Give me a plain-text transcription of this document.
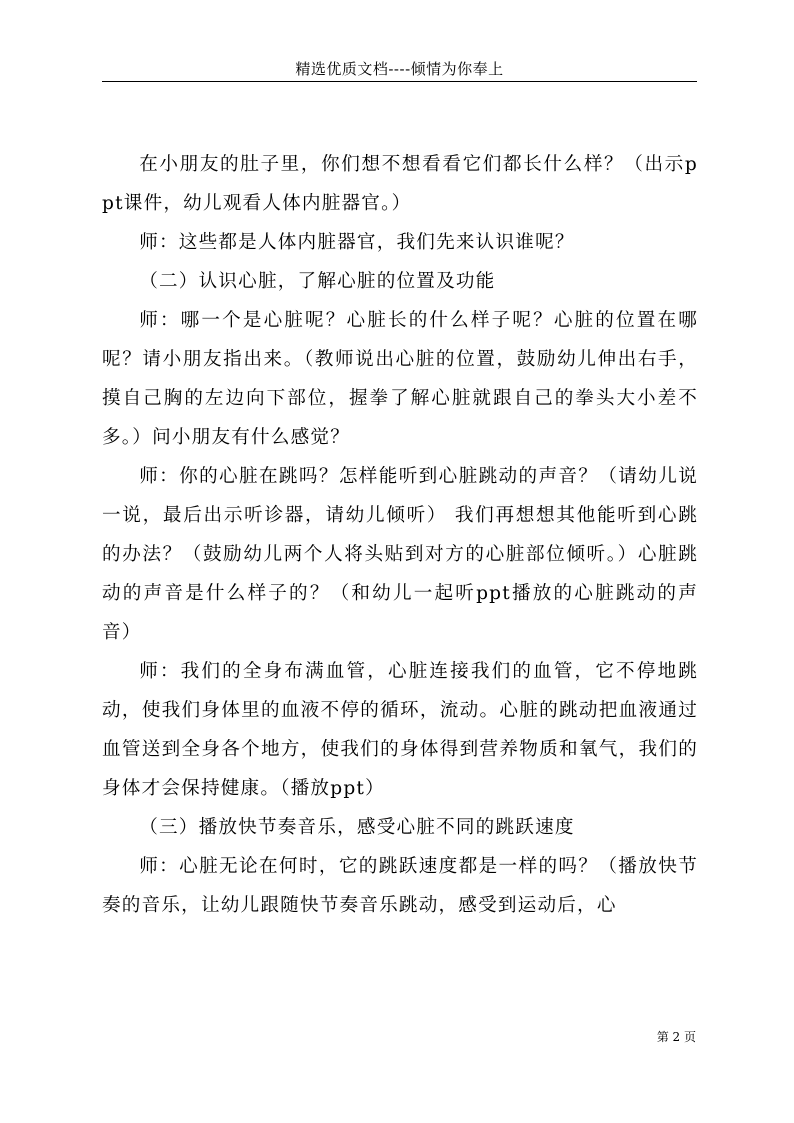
精选优质文档----倾情为你奉上

在小朋友的肚子里，你们想不想看看它们都长什么样？（出示ppt课件，幼儿观看人体内脏器官。）

师：这些都是人体内脏器官，我们先来认识谁呢？

（二）认识心脏，了解心脏的位置及功能

师：哪一个是心脏呢？心脏长的什么样子呢？心脏的位置在哪呢？请小朋友指出来。（教师说出心脏的位置，鼓励幼儿伸出右手，摸自己胸的左边向下部位，握拳了解心脏就跟自己的拳头大小差不多。）问小朋友有什么感觉？

师：你的心脏在跳吗？怎样能听到心脏跳动的声音？（请幼儿说一说，最后出示听诊器，请幼儿倾听） 我们再想想其他能听到心跳的办法？（鼓励幼儿两个人将头贴到对方的心脏部位倾听。）心脏跳动的声音是什么样子的？（和幼儿一起听ppt播放的心脏跳动的声音）

师：我们的全身布满血管，心脏连接我们的血管，它不停地跳动，使我们身体里的血液不停的循环，流动。心脏的跳动把血液通过血管送到全身各个地方，使我们的身体得到营养物质和氧气，我们的身体才会保持健康。（播放ppt）

（三）播放快节奏音乐，感受心脏不同的跳跃速度

师：心脏无论在何时，它的跳跃速度都是一样的吗？（播放快节奏的音乐，让幼儿跟随快节奏音乐跳动，感受到运动后，心

第 2 页
